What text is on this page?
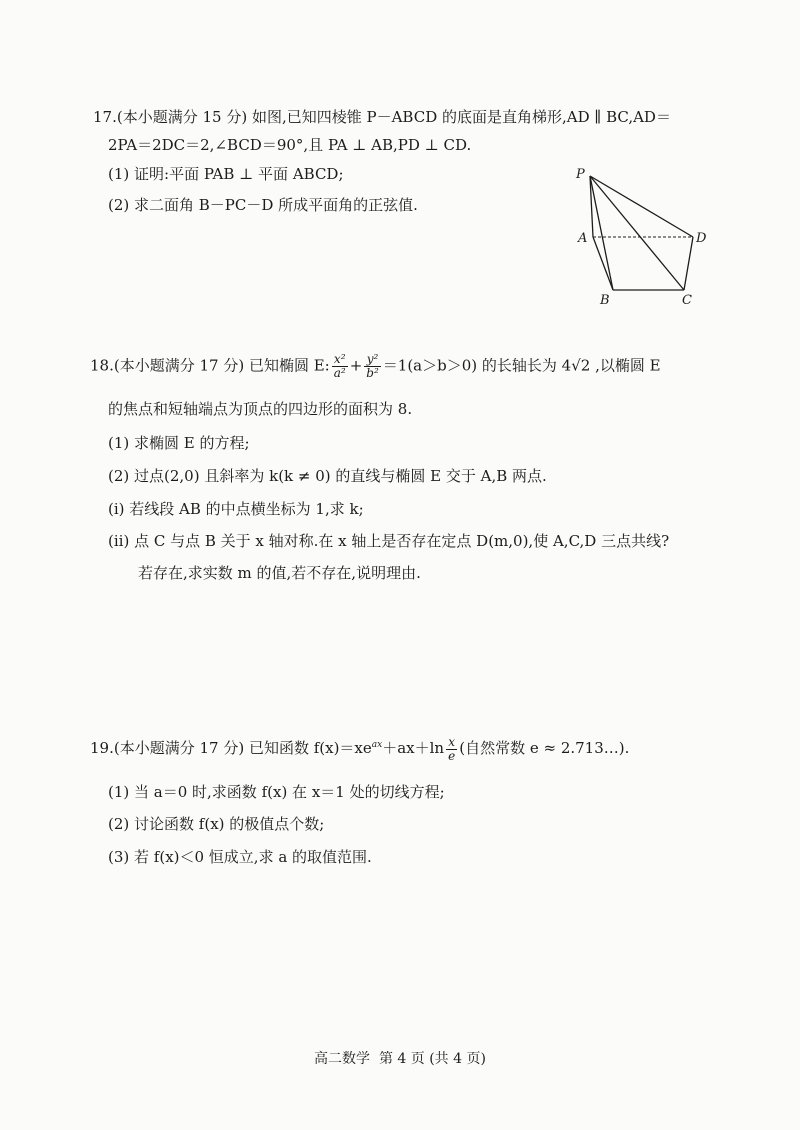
17.(本小题满分 15 分) 如图,已知四棱锥 P－ABCD 的底面是直角梯形,AD ∥ BC,AD＝
2PA＝2DC＝2,∠BCD＝90°,且 PA ⊥ AB,PD ⊥ CD.
(1) 证明:平面 PAB ⊥ 平面 ABCD;
(2) 求二面角 B－PC－D 所成平面角的正弦值.
P
A	D
B	C
18.(本小题满分 17 分) 已知椭圆 E: $\frac{\text{x²}}{\text{a²}} + \frac{\text{y²}}{\text{b²}} =1(a>b>0)$ 的长轴长为 4√2 ,以椭圆 E
的焦点和短轴端点为顶点的四边形的面积为 8.
(1) 求椭圆 E 的方程;
(2) 过点(2,0) 且斜率为 k(k ≠ 0) 的直线与椭圆 E 交于 A,B 两点.
(ⅰ) 若线段 AB 的中点横坐标为 1,求 k;
(ⅱ) 点 C 与点 B 关于 x 轴对称.在 x 轴上是否存在定点 D(m,0),使 A,C,D 三点共线?
若存在,求实数 m 的值,若不存在,说明理由.
19.(本小题满分 17 分) 已知函数 $f(x)=xe^{ax}+ax+\ln \frac{x}{e}$ (自然常数 e ≈ 2.713…).
(1) 当 a＝0 时,求函数 f(x) 在 x＝1 处的切线方程;
(2) 讨论函数 f(x) 的极值点个数;
(3) 若 f(x)＜0 恒成立,求 a 的取值范围.
高二数学  第 4 页 (共 4 页)
